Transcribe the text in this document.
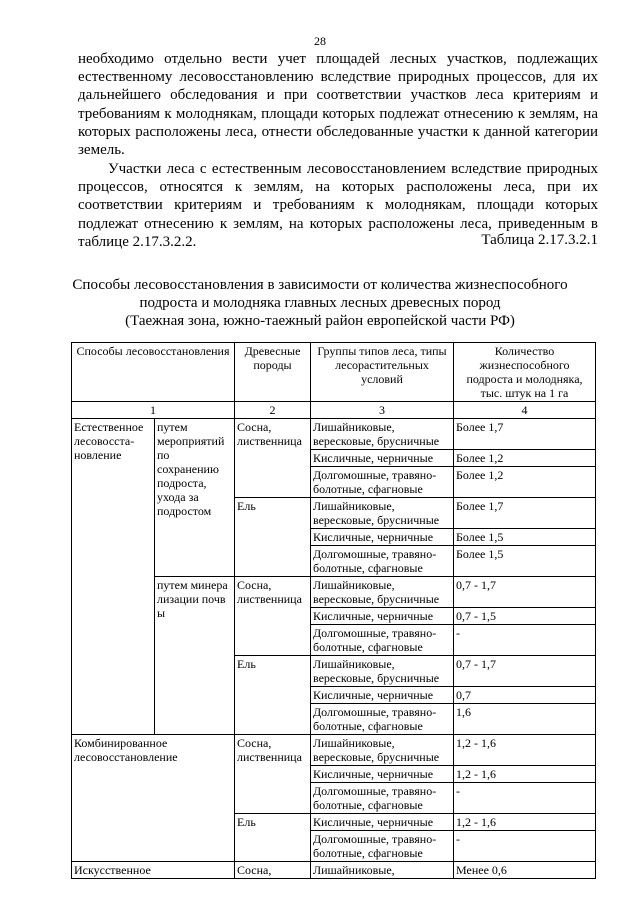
28
необходимо отдельно вести учет площадей лесных участков, подлежащих естественному лесовосстановлению вследствие природных процессов, для их дальнейшего обследования и при соответствии участков леса критериям и требованиям к молоднякам, площади которых подлежат отнесению к землям, на которых расположены леса, отнести обследованные участки к данной категории земель.
Участки леса с естественным лесовосстановлением вследствие природных процессов, относятся к землям, на которых расположены леса, при их соответствии критериям и требованиям к молоднякам, площади которых подлежат отнесению к землям, на которых расположены леса, приведенным в таблице 2.17.3.2.2.	Таблица 2.17.3.2.1
Способы лесовосстановления в зависимости от количества жизнеспособного
подроста и молодняка главных лесных древесных пород
(Таежная зона, южно-таежный район европейской части РФ)
Способы лесовосстановления		Древесные породы	Группы типов леса, типы лесорастительных условий	Количество жизнеспособного подроста и молодняка, тыс. штук на 1 га
1		2	3	4
Естественное лесовосста-новление	путем мероприятий по сохранению подроста, ухода за подростом	Сосна, лиственница	Лишайниковые, вересковые, брусничные	Более 1,7
			Кисличные, черничные	Более 1,2
			Долгомошные, травяно-болотные, сфагновые	Более 1,2
		Ель	Лишайниковые, вересковые, брусничные	Более 1,7
			Кисличные, черничные	Более 1,5
			Долгомошные, травяно-болотные, сфагновые	Более 1,5
	путем минерализации почвы	Сосна, лиственница	Лишайниковые, вересковые, брусничные	0,7 - 1,7
			Кисличные, черничные	0,7 - 1,5
			Долгомошные, травяно-болотные, сфагновые	-
		Ель	Лишайниковые, вересковые, брусничные	0,7 - 1,7
			Кисличные, черничные	0,7
			Долгомошные, травяно-болотные, сфагновые	1,6
Комбинированное лесовосстановление		Сосна, лиственница	Лишайниковые, вересковые, брусничные	1,2 - 1,6
			Кисличные, черничные	1,2 - 1,6
			Долгомошные, травяно-болотные, сфагновые	-
		Ель	Кисличные, черничные	1,2 - 1,6
			Долгомошные, травяно-болотные, сфагновые	-
Искусственное		Сосна,	Лишайниковые,	Менее 0,6
